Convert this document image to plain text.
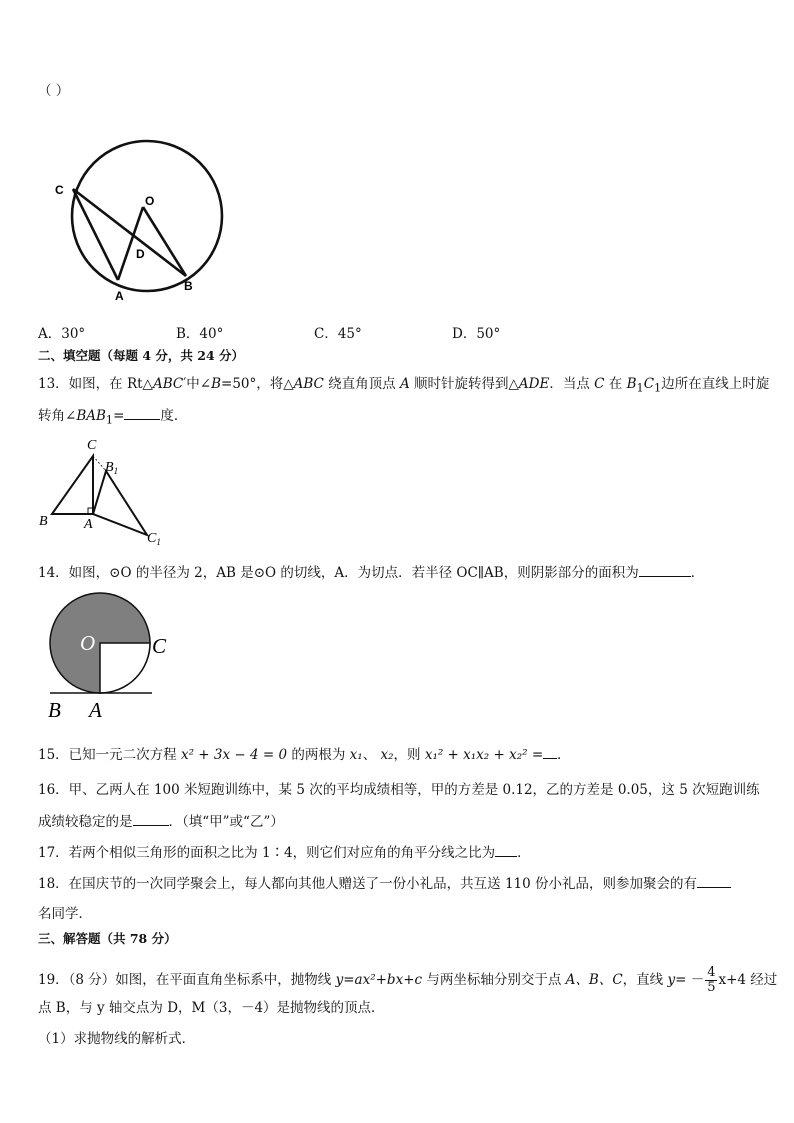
（ ）
C
O
D
A
B
A．30°	B．40°	C．45°	D．50°
二、填空题（每题 4 分，共 24 分）
13．如图，在 Rt△ABC′中∠B=50°，将△ABC 绕直角顶点 A 顺时针旋转得到△ADE．当点 C 在 $B_1C_1$边所在直线上时旋
转角$\angle BAB_1=$	度．
C
$B_1$
B	A
$C_1$
14．如图，⊙O 的半径为 2，AB 是⊙O 的切线，A．为切点．若半径 OC∥AB，则阴影部分的面积为	．
O	C
B A
15．已知一元二次方程 x² + 3x − 4 = 0 的两根为 x₁、 x₂，则 x₁² + x₁x₂ + x₂² = ．
16．甲、乙两人在 100 米短跑训练中，某 5 次的平均成绩相等，甲的方差是 0.12，乙的方差是 0.05，这 5 次短跑训练
成绩较稳定的是	．（填“甲”或“乙”）
17．若两个相似三角形的面积之比为 1∶4，则它们对应角的角平分线之比为 ．
18．在国庆节的一次同学聚会上，每人都向其他人赠送了一份小礼品，共互送 110 份小礼品，则参加聚会的有
名同学．
三、解答题（共 78 分）
19．（8 分）如图，在平面直角坐标系中，抛物线 y=ax²+bx+c 与两坐标轴分别交于点 A、B、C，直线 $y= - \frac{4}{5} x+4$ 经过
点 B，与 y 轴交点为 D，M（3，－4）是抛物线的顶点．
（1）求抛物线的解析式．
